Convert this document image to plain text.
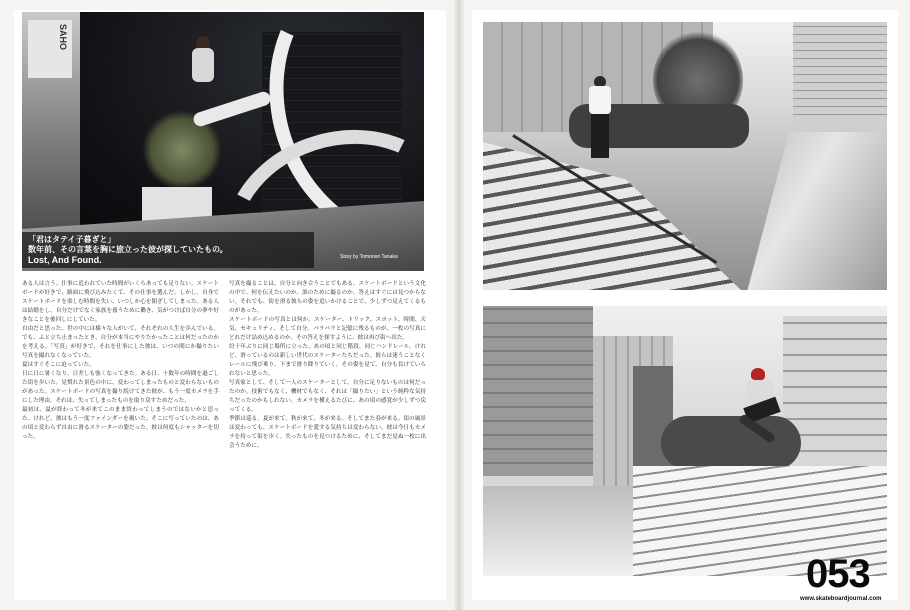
SAHO
「君はタテイ子暮ぎと」
数年前、その言葉を胸に旅立った彼が探していたもの。
Lost, And Found.	Story by Tomonori Tanaka

ある人は言う。仕事に追われていた時間がいくらあっても足りない。スケートボードが好きで、路面に飛び込みたくて、その仕事を選んだ。しかし、自身でスケートボードを楽しむ時間を失い、いつしか心を閉ざしてしまった。ある人は結婚をし、自分だけでなく家族を養うために働き、気がつけば自分の夢や好きなことを後回しにしていた。

自由だと思った。世の中には様々な人がいて、それぞれの人生を歩んでいる。でも、ふと立ち止まったとき、自分が本当にやりたかったことは何だったのかを考える。「写真」が好きで、それを仕事にした彼は、いつの間にか撮りたい写真を撮れなくなっていた。

夏はすぐそこに迫っていた。

日に日に暑くなり、日差しも強くなってきた。ある日、十数年の時間を過ごした街を歩いた。見慣れた景色の中に、変わってしまったものと変わらないものがあった。スケートボードの写真を撮り続けてきた彼が、もう一度カメラを手にした理由。それは、失ってしまったものを取り戻すためだった。

最初は、夏が終わって冬が来てこのまま終わってしまうのではないかと思った。けれど、彼はもう一度ファインダーを覗いた。そこに写っていたのは、あの頃と変わらず自由に滑るスケーターの姿だった。彼は何度もシャッターを切った。

写真を撮ることは、自分と向き合うことでもある。スケートボードという文化の中で、何を伝えたいのか。誰のために撮るのか。答えはすぐには見つからない。それでも、街を滑る彼らの姿を追いかけることで、少しずつ見えてくるものがあった。

スケートボードの写真とは何か。スケーター、トリック、スポット、時間、天気、セキュリティ、そして自分。パラパラと記憶に残るものが、一枚の写真にどれだけ詰め込めるのか。その答えを探すように、彼は再び街へ出た。

約十年ぶりに同じ場所に立った。あの頃と同じ階段、同じハンドレール。けれど、滑っているのは新しい世代のスケーターたちだった。彼らは迷うことなくレールに飛び乗り、下まで滑り降りていく。その姿を見て、自分も負けていられないと思った。

写真家として、そして一人のスケーターとして。自分に足りないものは何だったのか。技術でもなく、機材でもなく、それは「撮りたい」という純粋な気持ちだったのかもしれない。カメラを構えるたびに、あの頃の感覚が少しずつ戻ってくる。

季節は巡る。夏が来て、秋が来て、冬が来る。そしてまた春が来る。街の風景は変わっても、スケートボードを愛する気持ちは変わらない。彼は今日もカメラを持って街を歩く。失ったものを見つけるために、そしてまだ見ぬ一枚に出会うために。

053
www.skateboardjournal.com
